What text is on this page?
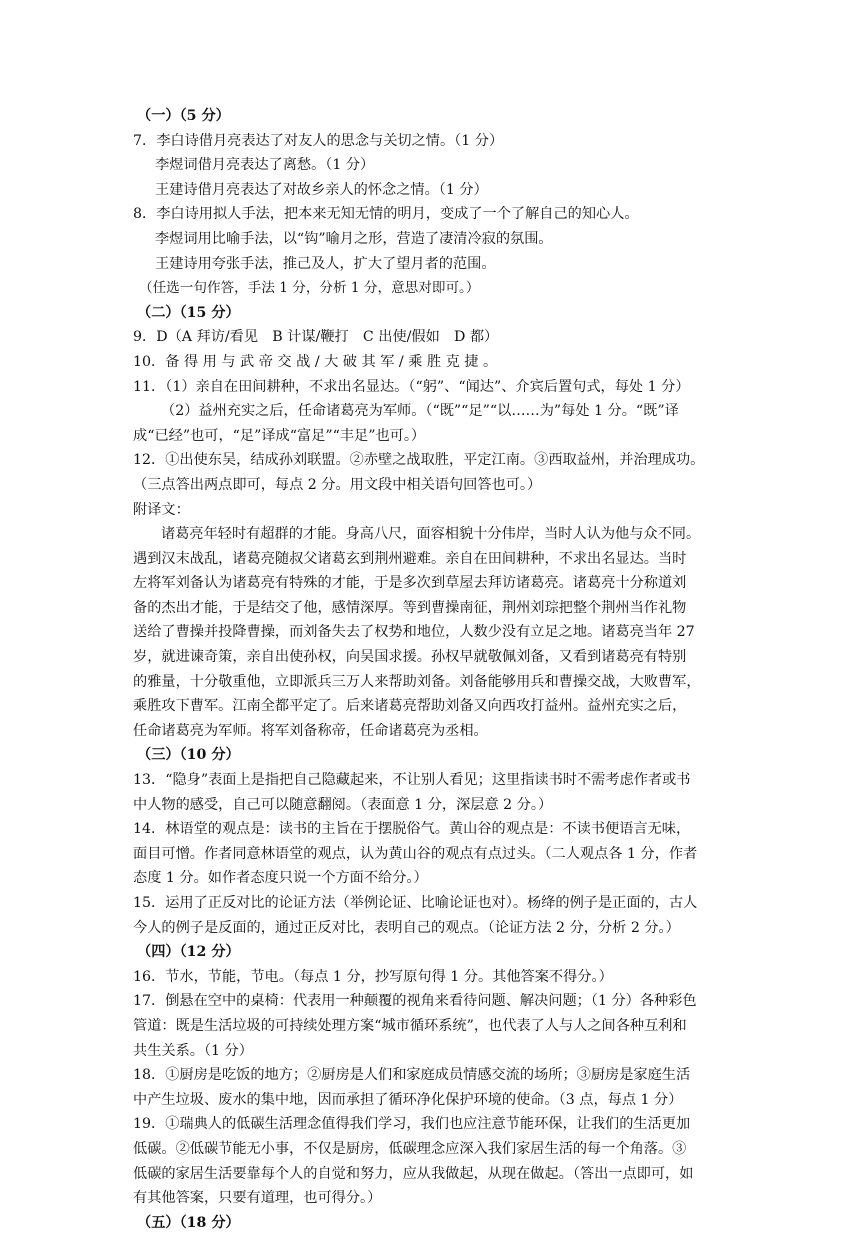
（一）（5 分）
7．李白诗借月亮表达了对友人的思念与关切之情。（1 分）
李煜词借月亮表达了离愁。（1 分）
王建诗借月亮表达了对故乡亲人的怀念之情。（1 分）
8．李白诗用拟人手法，把本来无知无情的明月，变成了一个了解自己的知心人。
李煜词用比喻手法，以“钩”喻月之形，营造了凄清冷寂的氛围。
王建诗用夸张手法，推己及人，扩大了望月者的范围。
（任选一句作答，手法 1 分，分析 1 分，意思对即可。）
（二）（15 分）
9．D（A 拜访/看见　B 计谋/鞭打　C 出使/假如　D 都）
10．备 得 用 与 武 帝 交 战 / 大 破 其 军 / 乘 胜 克 捷 。
11．（1）亲自在田间耕种，不求出名显达。（“躬”、“闻达”、介宾后置句式，每处 1 分）
（2）益州充实之后，任命诸葛亮为军师。（“既”“足”“以……为”每处 1 分。“既”译
成“已经”也可，“足”译成“富足”“丰足”也可。）
12．①出使东吴，结成孙刘联盟。②赤壁之战取胜，平定江南。③西取益州，并治理成功。
（三点答出两点即可，每点 2 分。用文段中相关语句回答也可。）
附译文：
诸葛亮年轻时有超群的才能。身高八尺，面容相貌十分伟岸，当时人认为他与众不同。
遇到汉末战乱，诸葛亮随叔父诸葛玄到荆州避难。亲自在田间耕种，不求出名显达。当时
左将军刘备认为诸葛亮有特殊的才能，于是多次到草屋去拜访诸葛亮。诸葛亮十分称道刘
备的杰出才能，于是结交了他，感情深厚。等到曹操南征，荆州刘琮把整个荆州当作礼物
送给了曹操并投降曹操，而刘备失去了权势和地位，人数少没有立足之地。诸葛亮当年 27
岁，就进谏奇策，亲自出使孙权，向吴国求援。孙权早就敬佩刘备，又看到诸葛亮有特别
的雅量，十分敬重他，立即派兵三万人来帮助刘备。刘备能够用兵和曹操交战，大败曹军，
乘胜攻下曹军。江南全都平定了。后来诸葛亮帮助刘备又向西攻打益州。益州充实之后，
任命诸葛亮为军师。将军刘备称帝，任命诸葛亮为丞相。
（三）（10 分）
13．“隐身”表面上是指把自己隐藏起来，不让别人看见；这里指读书时不需考虑作者或书
中人物的感受，自己可以随意翻阅。（表面意 1 分，深层意 2 分。）
14．林语堂的观点是：读书的主旨在于摆脱俗气。黄山谷的观点是：不读书便语言无味，
面目可憎。作者同意林语堂的观点，认为黄山谷的观点有点过头。（二人观点各 1 分，作者
态度 1 分。如作者态度只说一个方面不给分。）
15．运用了正反对比的论证方法（举例论证、比喻论证也对）。杨绛的例子是正面的，古人
今人的例子是反面的，通过正反对比，表明自己的观点。（论证方法 2 分，分析 2 分。）
（四）（12 分）
16．节水，节能，节电。（每点 1 分，抄写原句得 1 分。其他答案不得分。）
17．倒悬在空中的桌椅：代表用一种颠覆的视角来看待问题、解决问题；（1 分）各种彩色
管道：既是生活垃圾的可持续处理方案“城市循环系统”，也代表了人与人之间各种互利和
共生关系。（1 分）
18．①厨房是吃饭的地方；②厨房是人们和家庭成员情感交流的场所；③厨房是家庭生活
中产生垃圾、废水的集中地，因而承担了循环净化保护环境的使命。（3 点，每点 1 分）
19．①瑞典人的低碳生活理念值得我们学习，我们也应注意节能环保，让我们的生活更加
低碳。②低碳节能无小事，不仅是厨房，低碳理念应深入我们家居生活的每一个角落。③
低碳的家居生活要靠每个人的自觉和努力，应从我做起，从现在做起。（答出一点即可，如
有其他答案，只要有道理，也可得分。）
（五）（18 分）
